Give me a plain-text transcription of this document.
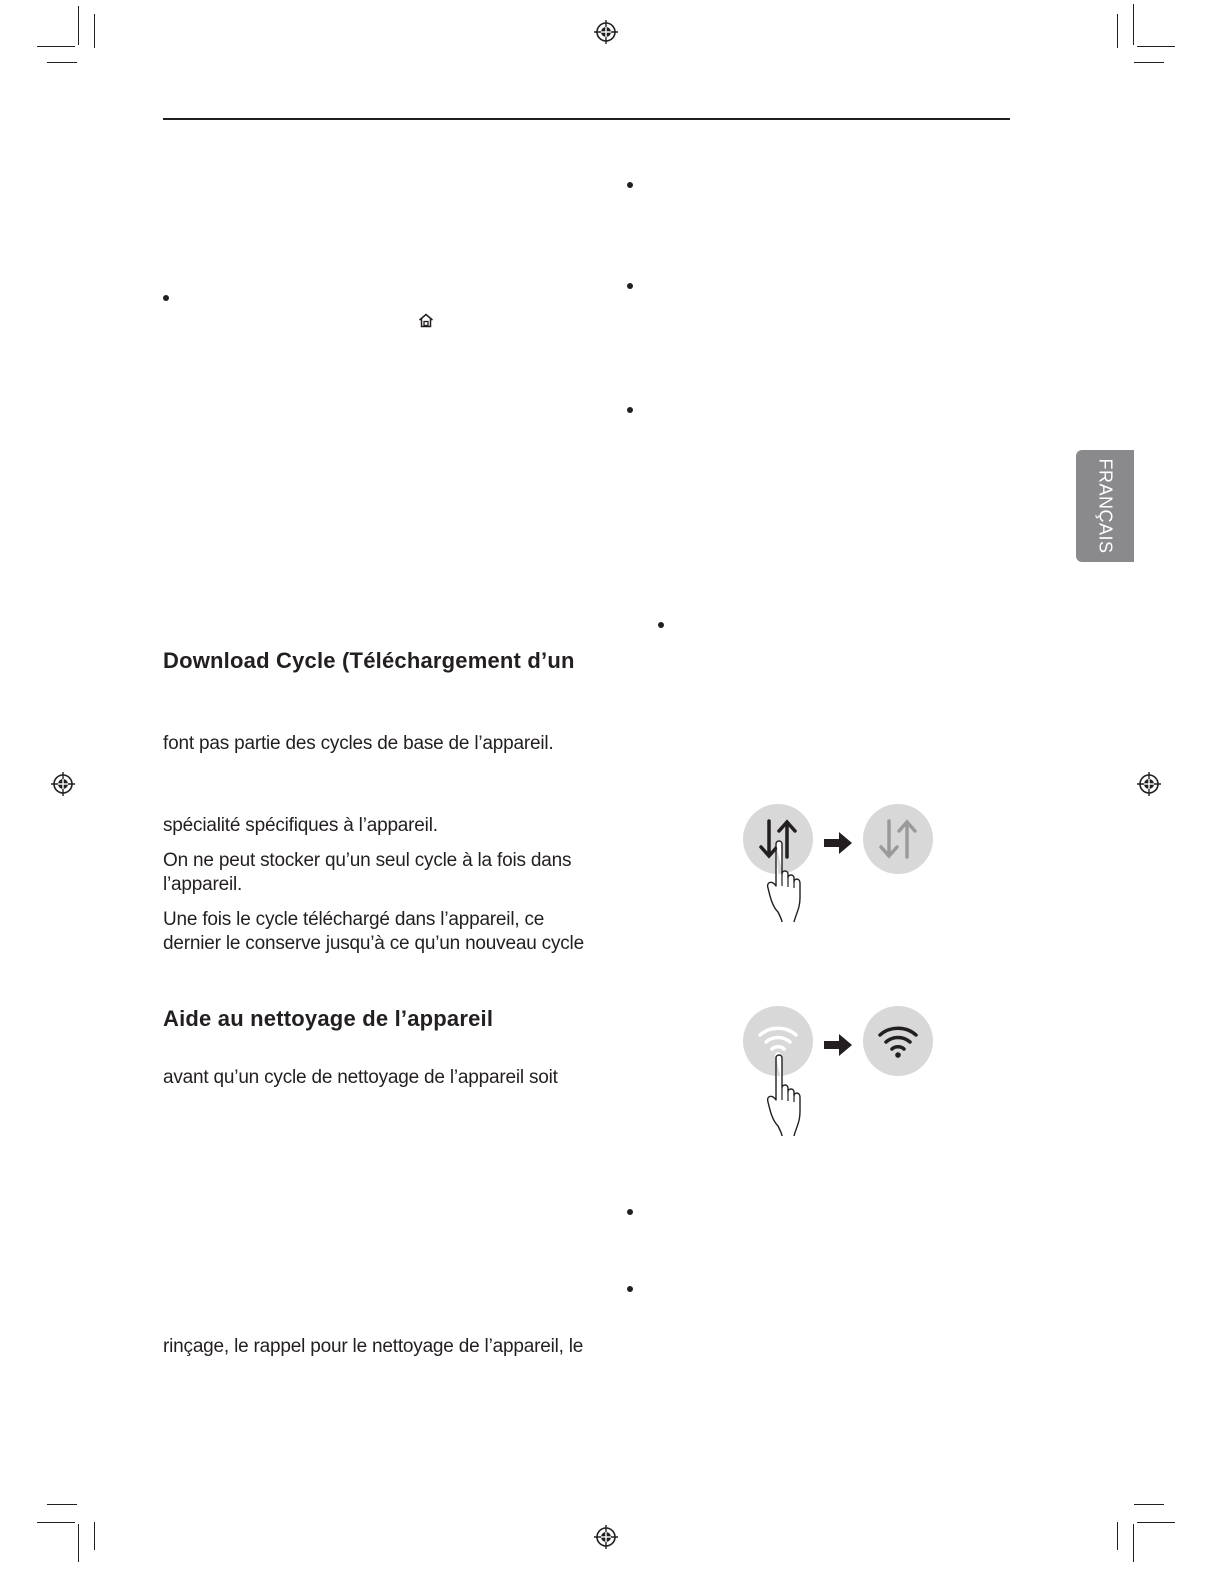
FRANÇAIS
Download Cycle (Téléchargement d’un
font pas partie des cycles de base de l’appareil.
spécialité spécifiques à l’appareil.
On ne peut stocker qu’un seul cycle à la fois dans
l’appareil.
Une fois le cycle téléchargé dans l’appareil, ce
dernier le conserve jusqu’à ce qu’un nouveau cycle
Aide au nettoyage de l’appareil
avant qu’un cycle de nettoyage de l’appareil soit
rinçage, le rappel pour le nettoyage de l’appareil, le
